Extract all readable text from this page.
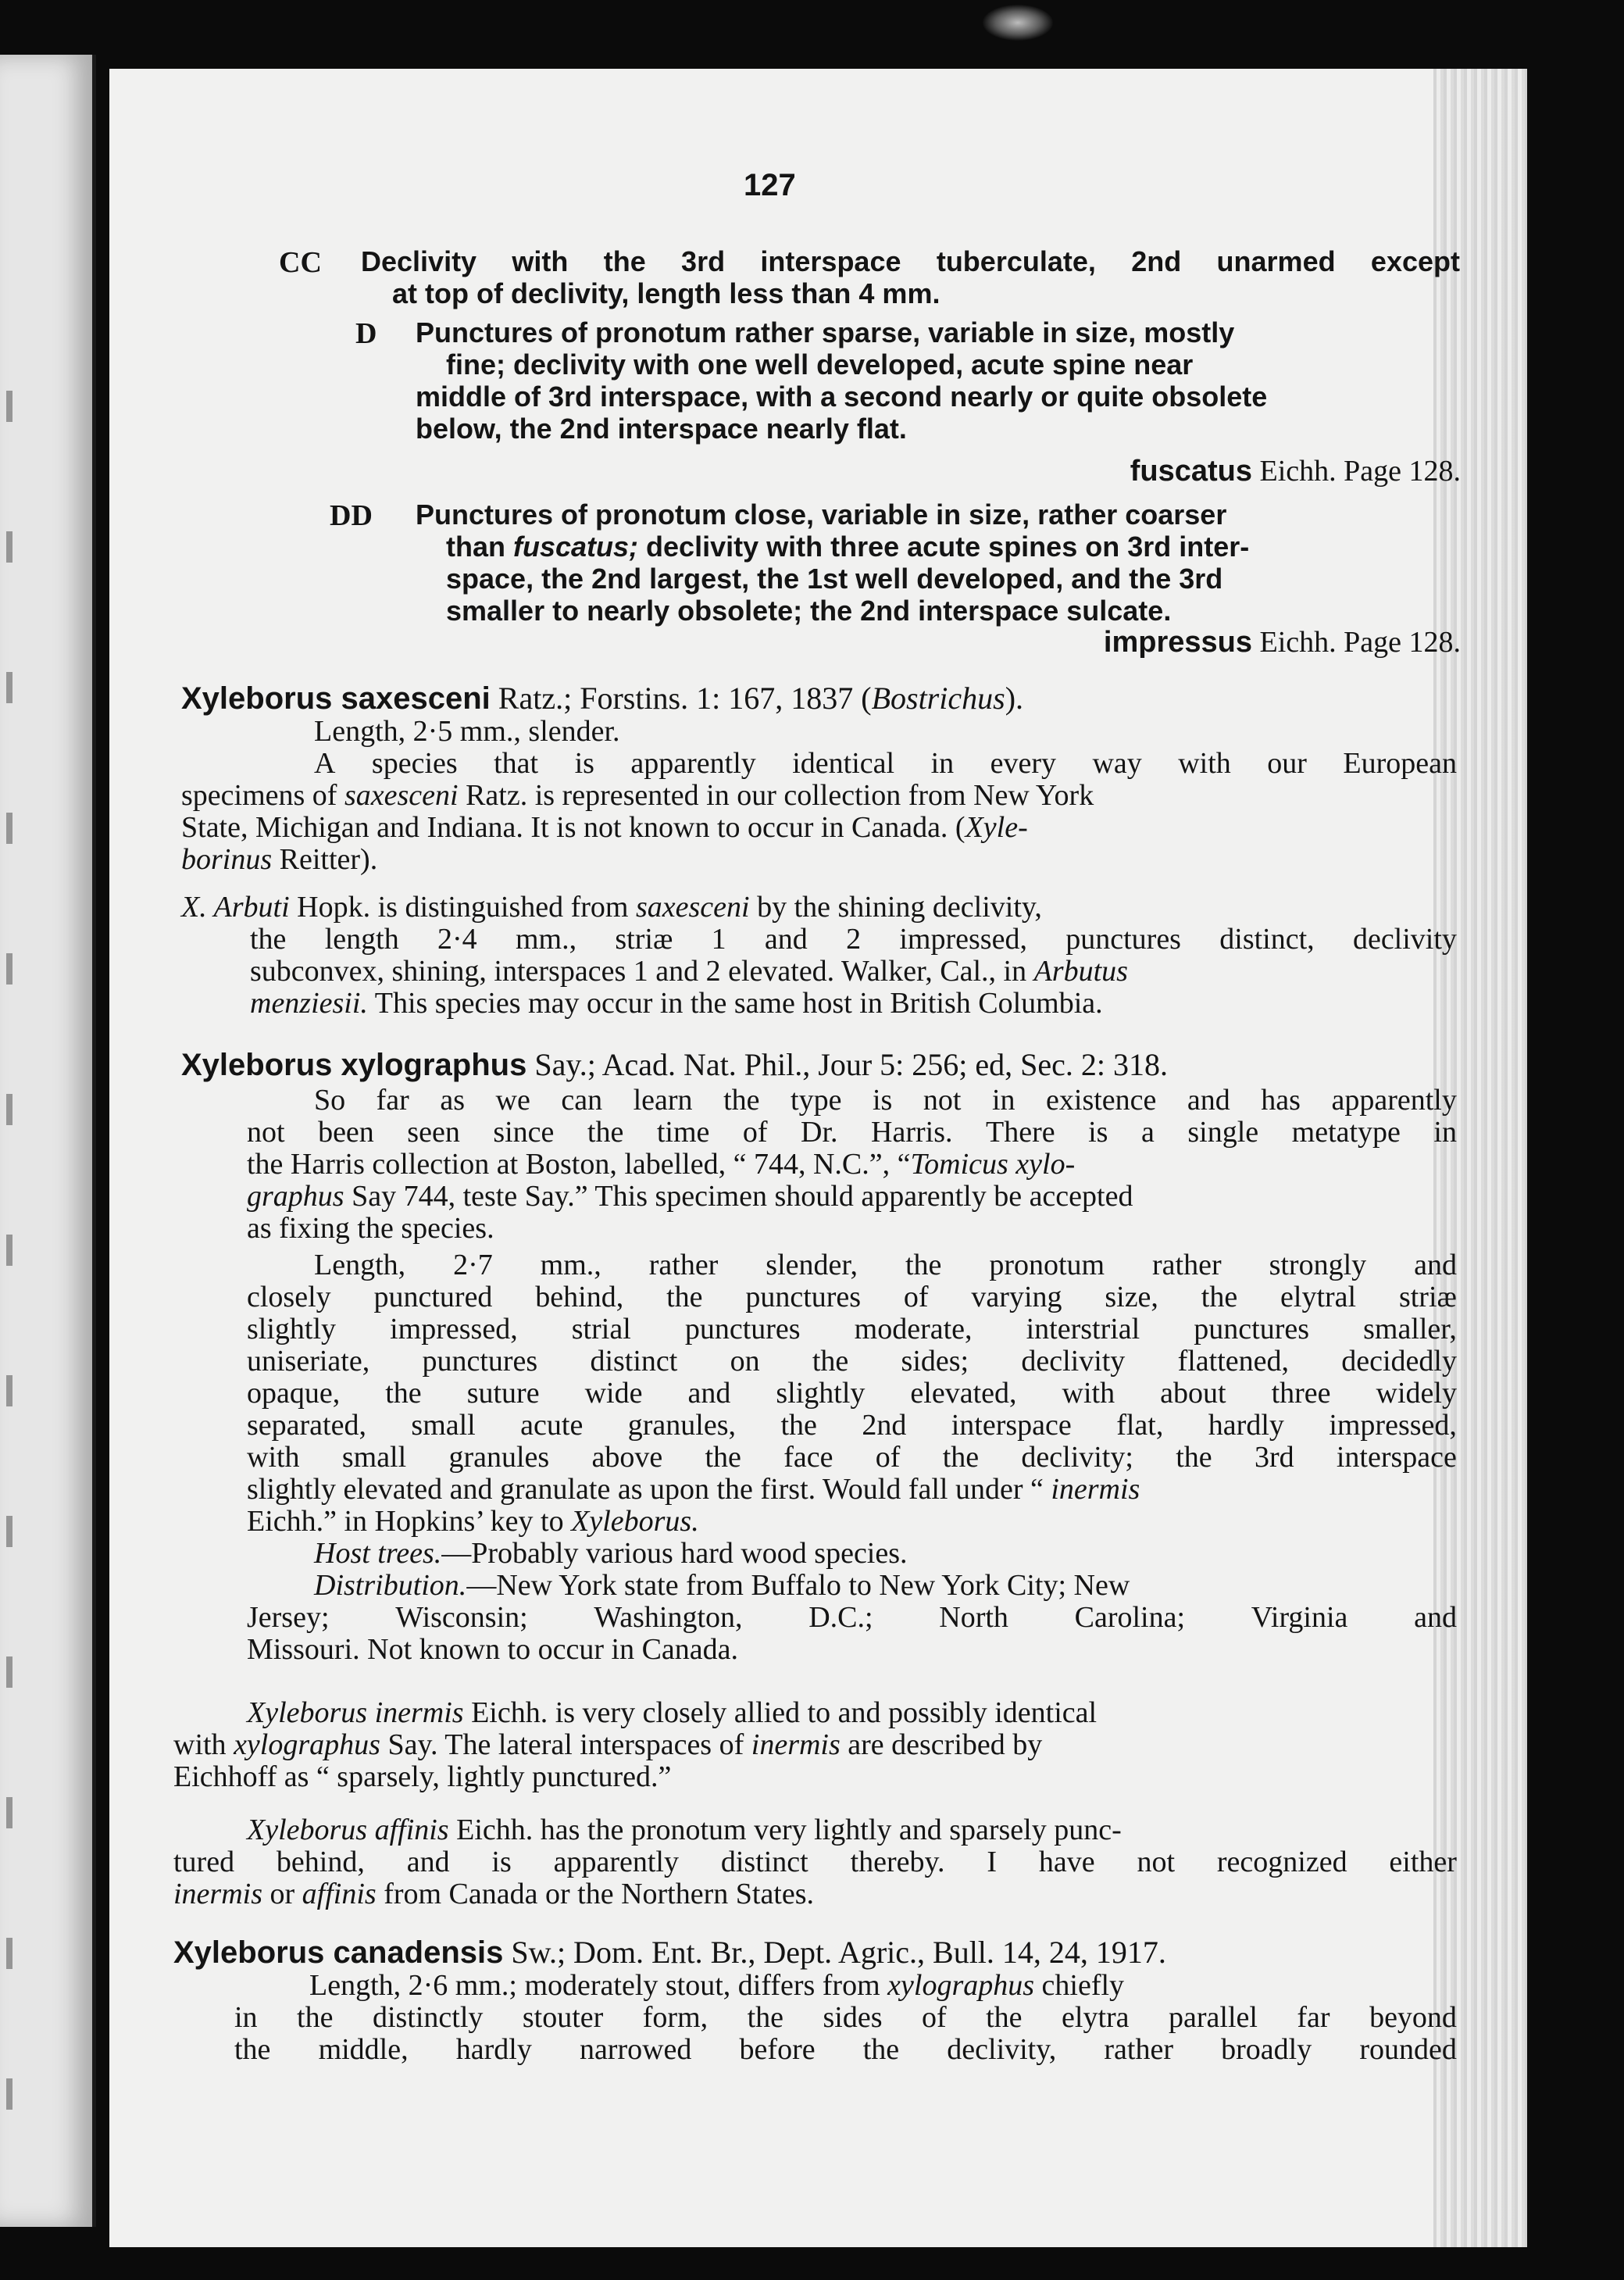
127
CC Declivity with the 3rd interspace tuberculate, 2nd unarmed except
at top of declivity, length less than 4 mm.
D Punctures of pronotum rather sparse, variable in size, mostly
fine; declivity with one well developed, acute spine near
middle of 3rd interspace, with a second nearly or quite obsolete
below, the 2nd interspace nearly flat.
fuscatus Eichh. Page 128.
DD Punctures of pronotum close, variable in size, rather coarser
than fuscatus; declivity with three acute spines on 3rd inter-
space, the 2nd largest, the 1st well developed, and the 3rd
smaller to nearly obsolete; the 2nd interspace sulcate.
impressus Eichh. Page 128.
Xyleborus saxesceni Ratz.; Forstins. 1: 167, 1837 (Bostrichus).
Length, 2·5 mm., slender.
A species that is apparently identical in every way with our European
specimens of saxesceni Ratz. is represented in our collection from New York
State, Michigan and Indiana. It is not known to occur in Canada. (Xyle-
borinus Reitter).
X. Arbuti Hopk. is distinguished from saxesceni by the shining declivity,
the length 2·4 mm., striæ 1 and 2 impressed, punctures distinct, declivity
subconvex, shining, interspaces 1 and 2 elevated. Walker, Cal., in Arbutus
menziesii. This species may occur in the same host in British Columbia.
Xyleborus xylographus Say.; Acad. Nat. Phil., Jour 5: 256; ed, Sec. 2: 318.
So far as we can learn the type is not in existence and has apparently
not been seen since the time of Dr. Harris. There is a single metatype in
the Harris collection at Boston, labelled, “ 744, N.C.”, “Tomicus xylo-
graphus Say 744, teste Say.” This specimen should apparently be accepted
as fixing the species.
Length, 2·7 mm., rather slender, the pronotum rather strongly and
closely punctured behind, the punctures of varying size, the elytral striæ
slightly impressed, strial punctures moderate, interstrial punctures smaller,
uniseriate, punctures distinct on the sides; declivity flattened, decidedly
opaque, the suture wide and slightly elevated, with about three widely
separated, small acute granules, the 2nd interspace flat, hardly impressed,
with small granules above the face of the declivity; the 3rd interspace
slightly elevated and granulate as upon the first. Would fall under “ inermis
Eichh.” in Hopkins’ key to Xyleborus.
Host trees.—Probably various hard wood species.
Distribution.—New York state from Buffalo to New York City; New
Jersey; Wisconsin; Washington, D.C.; North Carolina; Virginia and
Missouri. Not known to occur in Canada.
Xyleborus inermis Eichh. is very closely allied to and possibly identical
with xylographus Say. The lateral interspaces of inermis are described by
Eichhoff as “ sparsely, lightly punctured.”
Xyleborus affinis Eichh. has the pronotum very lightly and sparsely punc-
tured behind, and is apparently distinct thereby. I have not recognized either
inermis or affinis from Canada or the Northern States.
Xyleborus canadensis Sw.; Dom. Ent. Br., Dept. Agric., Bull. 14, 24, 1917.
Length, 2·6 mm.; moderately stout, differs from xylographus chiefly
in the distinctly stouter form, the sides of the elytra parallel far beyond
the middle, hardly narrowed before the declivity, rather broadly rounded
